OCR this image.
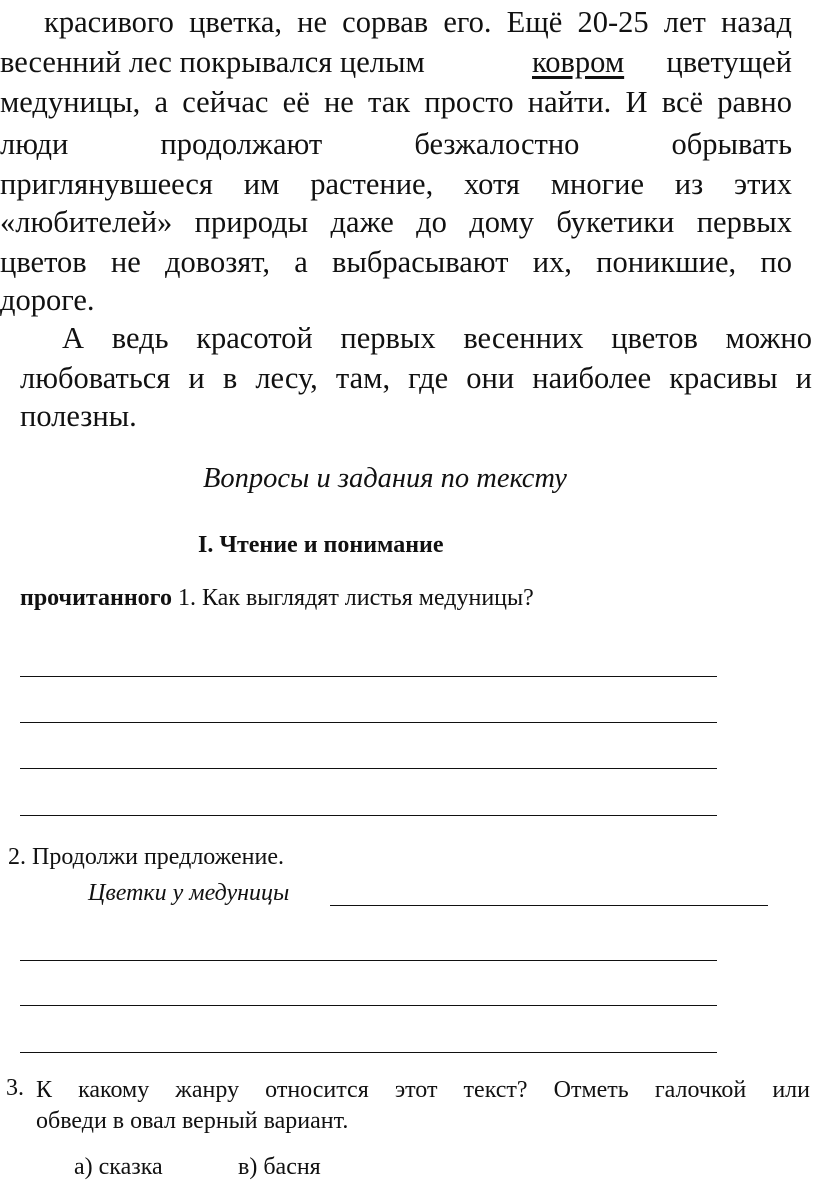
красивого цветка, не сорвав его. Ещё 20-25 лет назад
весенний лес покрывался целым	ковром цветущей
медуницы, а сейчас её не так просто найти. И всё равно
люди продолжают безжалостно обрывать
приглянувшееся им растение, хотя многие из этих
«любителей» природы даже до дому букетики первых
цветов не довозят, а выбрасывают их, поникшие, по
дороге.
А ведь красотой первых весенних цветов можно
любоваться и в лесу, там, где они наиболее красивы и
полезны.
Вопросы и задания по тексту
I. Чтение и понимание
прочитанного 1. Как выглядят листья медуницы?
2. Продолжи предложение.
Цветки у медуницы
3. К какому жанру относится этот текст? Отметь галочкой или
обведи в овал верный вариант.
а) сказка	в) басня
